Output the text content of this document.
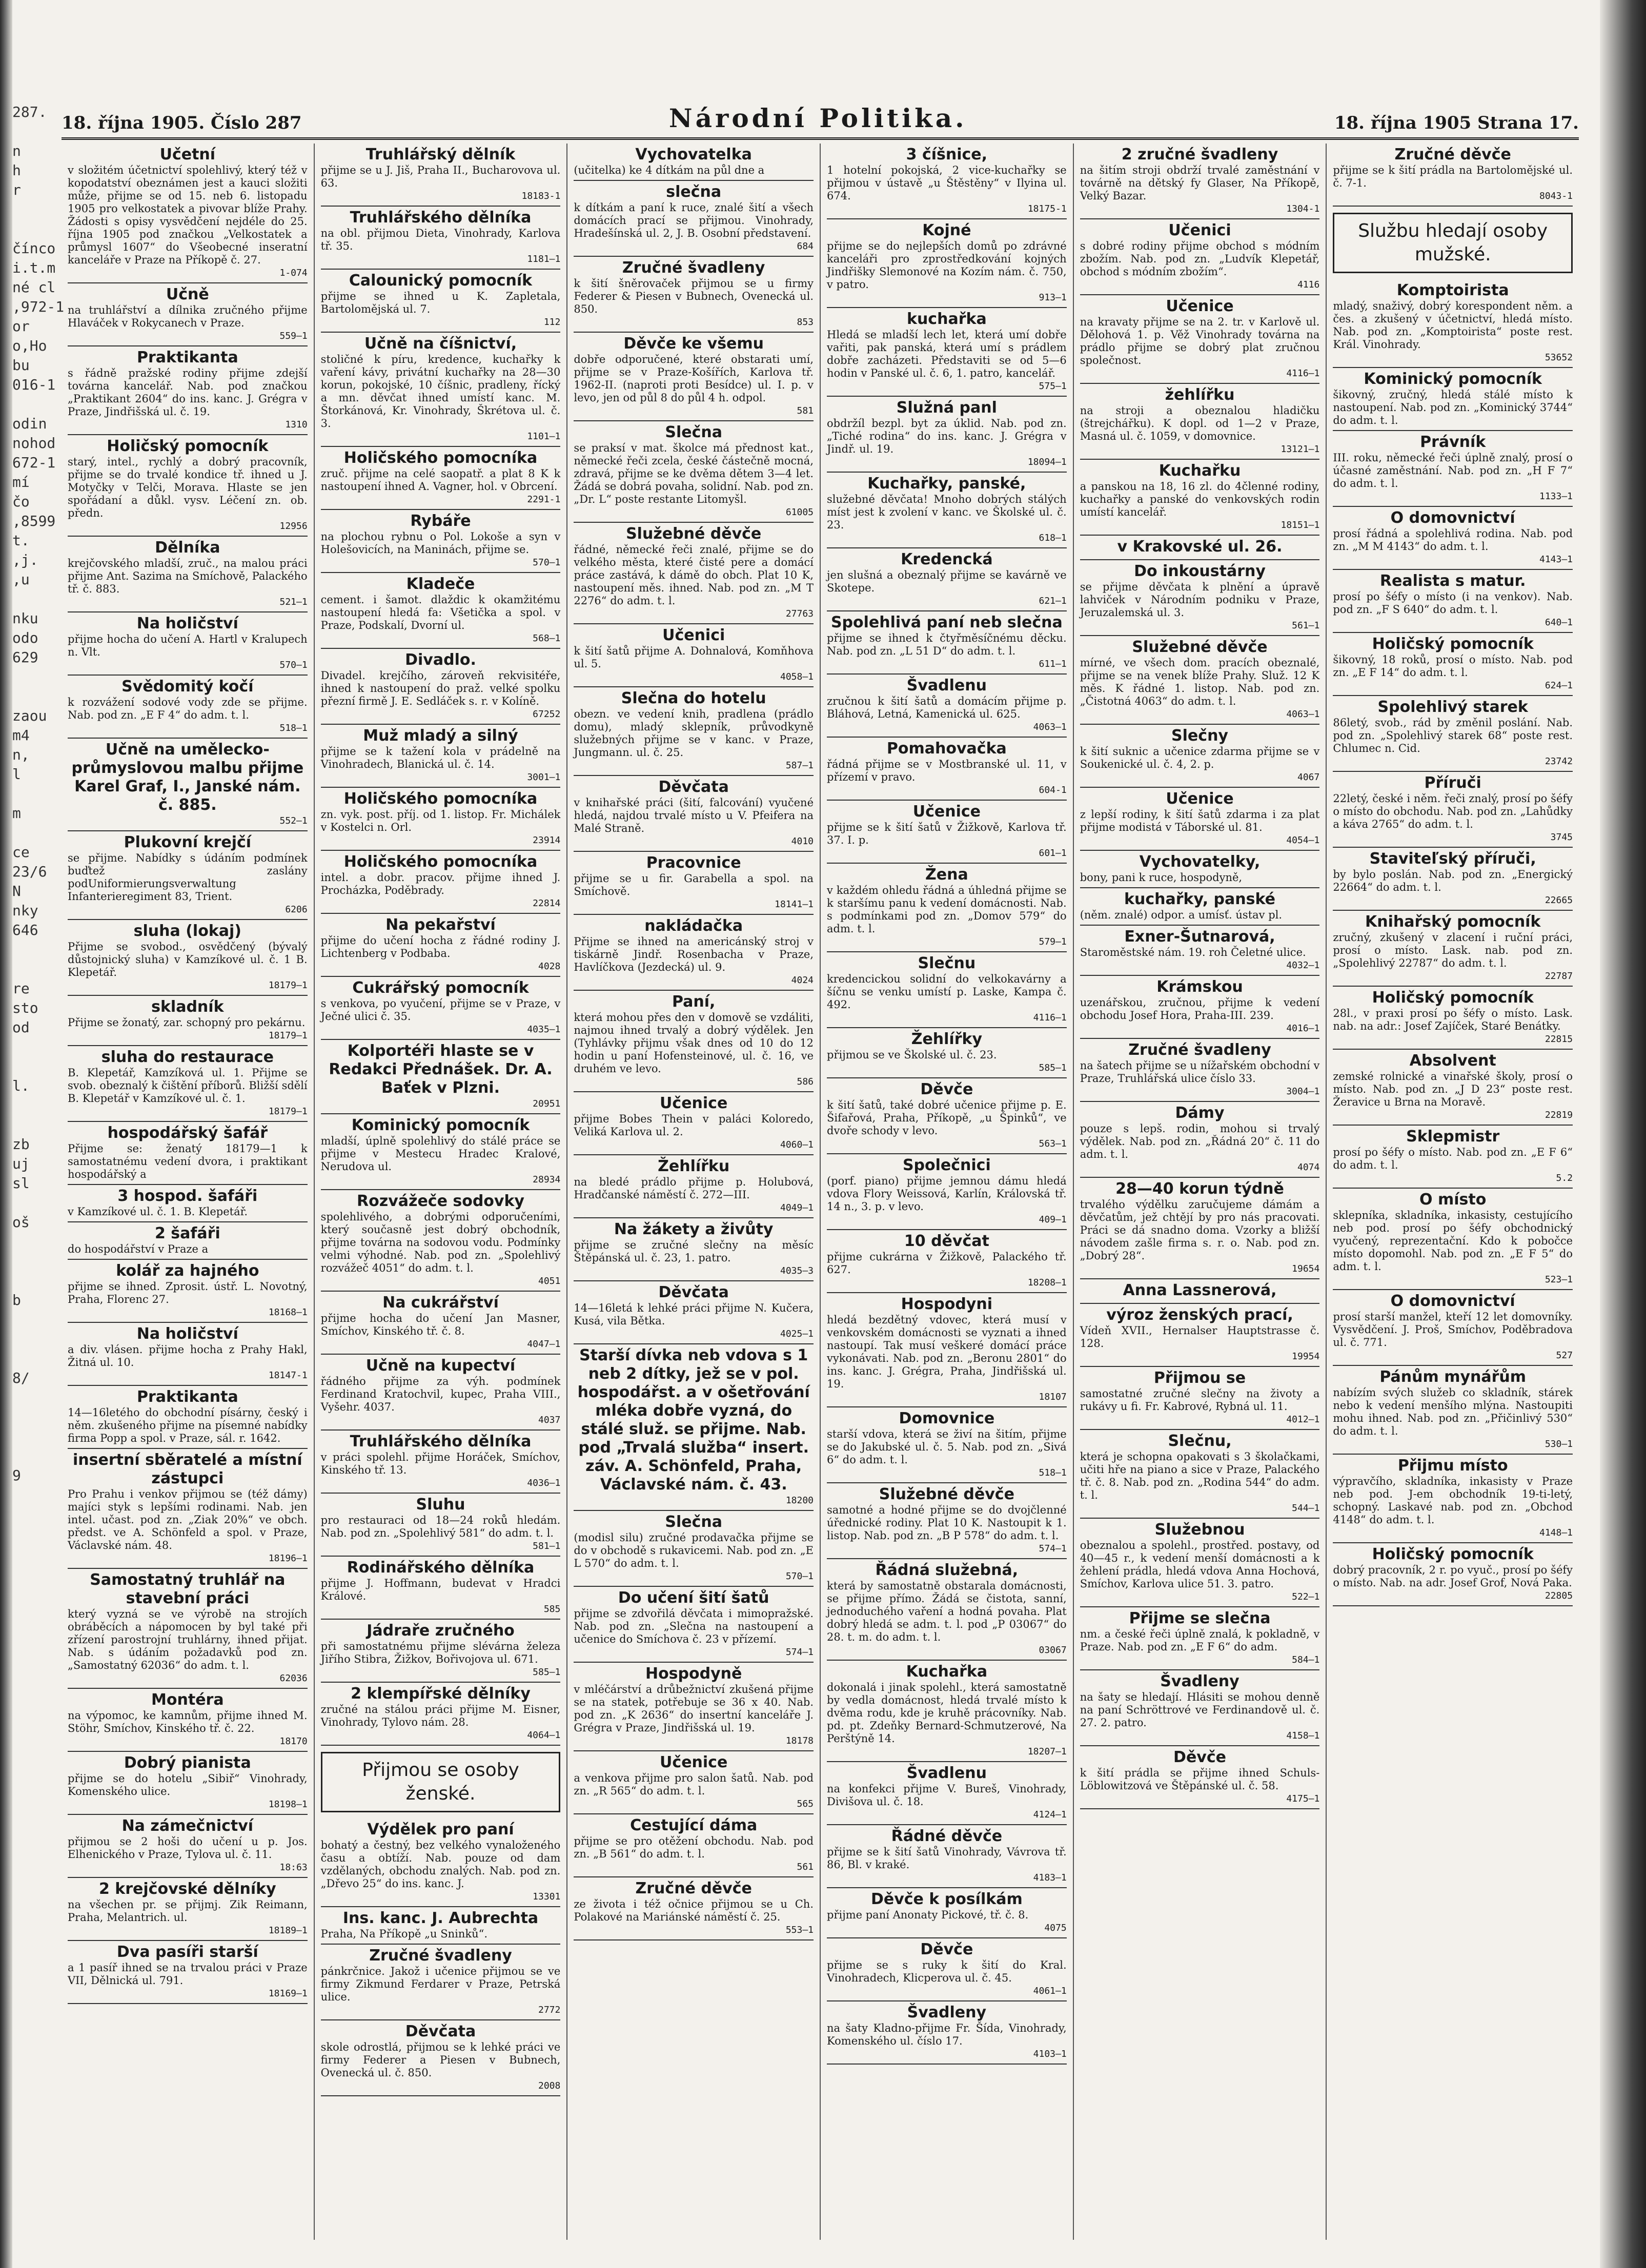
287.

n
h
r

čínco
i.t.m
né cl
,972-1
or
o,Ho
bu
016-1

odin
nohod
672-1
mí
čo
,8599
t.
,j.
,u

nku
odo
629

zaou
m4
n,
l

m

ce
23/6
N
nky
646

re
sto
od

l.

zb
uj
sl

oš

b

8/

9
18. října 1905. Číslo 287	Národní Politika.	18. října 1905 Strana 17.
Učetní
v složitém účetnictví spolehlivý, který též v kopodatství obeznámen jest a kauci složiti může, přijme se od 15. neb 6. listopadu 1905 pro velkostatek a pivovar blíže Prahy. Žádosti s opisy vysvědčení nejdéle do 25. října 1905 pod značkou „Velkostatek a průmysl 1607“ do Všeobecné inseratní kanceláře v Praze na Příkopě č. 27.
1-074
Učně
na truhlářství a dílnika zručného přijme Hlaváček v Rokycanech v Praze.
559—1
Praktikanta
s řádně pražské rodiny přijme zdejší továrna kancelář. Nab. pod značkou „Praktikant 2604“ do ins. kanc. J. Grégra v Praze, Jindřišská ul. č. 19.
1310
Holičský pomocník
starý, intel., rychlý a dobrý pracovník, přijme se do trvalé kondice tř. ihned u J. Motyčky v Telči, Morava. Hlaste se jen spořádaní a důkl. vysv. Léčení zn. ob. předn.
12956
Dělníka
krejčovského mladší, zruč., na malou práci přijme Ant. Sazima na Smíchově, Palackého tř. č. 883.
521—1
Na holičství
přijme hocha do učení A. Hartl v Kralupech n. Vlt.
570—1
Svědomitý kočí
k rozvážení sodové vody zde se přijme. Nab. pod zn. „E F 4“ do adm. t. l.
518—1
Učně na umělecko-průmyslovou malbu přijme Karel Graf, I., Janské nám. č. 885.
552—1
Plukovní krejčí
se přijme. Nabídky s údáním podmínek buďtež zaslány podUniformierungsverwaltung Infanterieregiment 83, Trient.
6206
sluha (lokaj)
Přijme se svobod., osvědčený (bývalý důstojnický sluha) v Kamzíkové ul. č. 1 B. Klepetář.
18179—1
skladník
Přijme se žonatý, zar. schopný pro pekárnu.
18179—1
sluha do restaurace
B. Klepetář, Kamzíková ul. 1. Přijme se svob. obeznalý k čištění příborů. Bližší sdělí B. Klepetář v Kamzíkové ul. č. 1.
18179—1
hospodářský šafář
Přijme se: ženatý 18179—1 k samostatnému vedení dvora, i praktikant hospodářský a
3 hospod. šafáři
v Kamzíkové ul. č. 1. B. Klepetář.
2 šafáři
do hospodářství v Praze a
kolář za hajného
přijme se ihned. Zprosit. ústř. L. Novotný, Praha, Florenc 27.
18168—1
Na holičství
a div. vlásen. přijme hocha z Prahy Hakl, Žitná ul. 10.
18147-1
Praktikanta
14—16letého do obchodní písárny, český i něm. zkušeného přijme na písemné nabídky firma Popp a spol. v Praze, sál. r. 1642.
insertní sběratelé a místní zástupci
Pro Prahu i venkov přijmou se (též dámy) majíci styk s lepšími rodinami. Nab. jen intel. učast. pod zn. „Ziak 20%“ ve obch. předst. ve A. Schönfeld a spol. v Praze, Václavské nám. 48.
18196—1
Samostatný truhlář na stavební práci
který vyzná se ve výrobě na strojích obráběcích a nápomocen by byl také při zřízení parostrojní truhlárny, ihned přijat. Nab. s údáním požadavků pod zn. „Samostatný 62036“ do adm. t. l.
62036
Montéra
na výpomoc, ke kamnům, přijme ihned M. Stöhr, Smíchov, Kinského tř. č. 22.
18170
Dobrý pianista
přijme se do hotelu „Sibiř“ Vinohrady, Komenského ulice.
18198—1
Na zámečnictví
přijmou se 2 hoši do učení u p. Jos. Elhenického v Praze, Tylova ul. č. 11.
18:63
2 krejčovské dělníky
na všechen pr. se přijmj. Zik Reimann, Praha, Melantrich. ul.
18189—1
Dva pasíři starší
a 1 pasíř ihned se na trvalou práci v Praze VII, Dělnická ul. 791.
18169—1
Truhlářský dělník
přijme se u J. Jiš, Praha II., Bucharovova ul. 63.
18183-1
Truhlářského dělníka
na obl. přijmou Dieta, Vinohrady, Karlova tř. 35.
1181—1
Calounický pomocník
přijme se ihned u K. Zapletala, Bartolomějská ul. 7.
112
Učně na číšnictví,
stoličné k píru, kredence, kuchařky k vaření kávy, privátní kuchařky na 28—30 korun, pokojské, 10 číšnic, pradleny, řícký a mn. děvčat ihned umístí kanc. M. Štorkánová, Kr. Vinohrady, Škrétova ul. č. 3.
1101—1
Holičského pomocníka
zruč. přijme na celé saopatř. a plat 8 K k nastoupení ihned A. Vagner, hol. v Obrcení.
2291-1
Rybáře
na plochou rybnu o Pol. Lokoše a syn v Holešovicích, na Maninách, přijme se.
570—1
Kladeče
cement. i šamot. dlaždic k okamžitému nastoupení hledá fa: Všetička a spol. v Praze, Podskalí, Dvorní ul.
568—1
Divadlo.
Divadel. krejčího, zároveň rekvisitéře, ihned k nastoupení do praž. velké spolku přezní firmě J. E. Sedláček s. r. v Kolíně.
67252
Muž mladý a silný
přijme se k tažení kola v prádelně na Vinohradech, Blanická ul. č. 14.
3001—1
Holičského pomocníka
zn. vyk. post. příj. od 1. listop. Fr. Michálek v Kostelci n. Orl.
23914
Holičského pomocníka
intel. a dobr. pracov. přijme ihned J. Procházka, Poděbrady.
22814
Na pekařství
přijme do učení hocha z řádné rodiny J. Lichtenberg v Podbaba.
4028
Cukrářský pomocník
s venkova, po vyučení, přijme se v Praze, v Ječné ulici č. 35.
4035—1
Kolportéři hlaste se v Redakci Přednášek. Dr. A. Baťek v Plzni.
20951
Kominický pomocník
mladší, úplně spolehlivý do stálé práce se přijme v Mestecu Hradec Kralové, Nerudova ul.
28934
Rozvážeče sodovky
spolehlivého, a dobrými odporučeními, který současně jest dobrý obchodník, přijme továrna na sodovou vodu. Podmínky velmi výhodné. Nab. pod zn. „Spolehlivý rozvážeč 4051“ do adm. t. l.
4051
Na cukrářství
přijme hocha do učení Jan Masner, Smíchov, Kinského tř. č. 8.
4047—1
Učně na kupectví
řádného přijme za výh. podmínek Ferdinand Kratochvil, kupec, Praha VIII., Vyšehr. 4037.
4037
Truhlářského dělníka
v práci spolehl. přijme Horáček, Smíchov, Kinského tř. 13.
4036—1
Sluhu
pro restauraci od 18—24 roků hledám. Nab. pod zn. „Spolehlivý 581“ do adm. t. l.
581—1
Rodinářského dělníka
přijme J. Hoffmann, budevat v Hradci Králové.
585
Jádraře zručného
při samostatnému přijme slévárna železa Jiřího Stibra, Žižkov, Bořivojova ul. 671.
585—1
2 klempířské dělníky
zručné na stálou práci přijme M. Eisner, Vinohrady, Tylovo nám. 28.
4064—1
Přijmou se osoby ženské.
Výdělek pro paní
bohatý a čestný, bez velkého vynaloženého času a obtíží. Nab. pouze od dam vzdělaných, obchodu znalých. Nab. pod zn. „Dřevo 25“ do ins. kanc. J.
13301
Ins. kanc. J. Aubrechta
Praha, Na Příkopě „u Sninků“.
Zručné švadleny
pánkrčnice. Jakož i učenice přijmou se ve firmy Zikmund Ferdarer v Praze, Petrská ulice.
2772
Děvčata
skole odrostlá, přijmou se k lehké práci ve firmy Federer a Piesen v Bubnech, Ovenecká ul. č. 850.
2008
Vychovatelka
(učitelka) ke 4 dítkám na půl dne a
slečna
k dítkám a paní k ruce, znalé šití a všech domácích prací se přijmou. Vinohrady, Hradešínská ul. 2, J. B. Osobní představení.
684
Zručné švadleny
k šití šněrovaček přijmou se u firmy Federer & Piesen v Bubnech, Ovenecká ul. 850.
853
Děvče ke všemu
dobře odporučené, které obstarati umí, přijme se v Praze-Košířích, Karlova tř. 1962-II. (naproti proti Besídce) ul. I. p. v levo, jen od půl 8 do půl 4 h. odpol.
581
Slečna
se praksí v mat. školce má přednost kat., německé řeči zcela, české částečně mocná, zdravá, přijme se ke dvěma dětem 3—4 let. Žádá se dobrá povaha, solidní. Nab. pod zn. „Dr. L“ poste restante Litomyšl.
61005
Služebné děvče
řádné, německé řeči znalé, přijme se do velkého města, které čisté pere a domácí práce zastává, k dámě do obch. Plat 10 K, nastoupení měs. ihned. Nab. pod zn. „M T 2276“ do adm. t. l.
27763
Učenici
k šití šatů přijme A. Dohnalová, Komňhova ul. 5.
4058—1
Slečna do hotelu
obezn. ve vedení knih, pradlena (prádlo domu), mladý sklepník, průvodkyně služebných přijme se v kanc. v Praze, Jungmann. ul. č. 25.
587—1
Děvčata
v knihařské práci (šití, falcování) vyučené hledá, najdou trvalé místo u V. Pfeifera na Malé Straně.
4010
Pracovnice
přijme se u fir. Garabella a spol. na Smíchově.
18141—1
nakládačka
Přijme se ihned na americánský stroj v tiskárně Jindř. Rosenbacha v Praze, Havlíčkova (Jezdecká) ul. 9.
4024
Paní,
která mohou přes den v domově se vzdáliti, najmou ihned trvalý a dobrý výdělek. Jen (Tyhlávky přijmu však dnes od 10 do 12 hodin u paní Hofensteinové, ul. č. 16, ve druhém ve levo.
586
Učenice
přijme Bobes Thein v paláci Koloredo, Veliká Karlova ul. 2.
4060—1
Žehlířku
na bledé prádlo přijme p. Holubová, Hradčanské náměstí č. 272—III.
4049—1
Na žákety a živůty
přijme se zručné slečny na měsíc Štěpánská ul. č. 23, 1. patro.
4035—3
Děvčata
14—16letá k lehké práci přijme N. Kučera, Kusá, vila Bětka.
4025—1
Starší dívka neb vdova s 1 neb 2 dítky, jež se v pol. hospodářst. a v ošetřování mléka dobře vyzná, do stálé služ. se přijme. Nab. pod „Trvalá služba“ insert. záv. A. Schönfeld, Praha, Václavské nám. č. 43.
18200
Slečna
(modisl silu) zručné prodavačka přijme se do v obchodě s rukavicemi. Nab. pod zn. „E L 570“ do adm. t. l.
570—1
Do učení šití šatů
přijme se zdvořilá děvčata i mimopražské. Nab. pod zn. „Slečna na nastoupení a učenice do Smíchova č. 23 v přízemí.
574—1
Hospodyně
v mléčárství a drůbežnictví zkušená přijme se na statek, potřebuje se 36 x 40. Nab. pod zn. „K 2636“ do insertní kanceláře J. Grégra v Praze, Jindřišská ul. 19.
18178
Učenice
a venkova přijme pro salon šatů. Nab. pod zn. „R 565“ do adm. t. l.
565
Cestující dáma
přijme se pro otěžení obchodu. Nab. pod zn. „B 561“ do adm. t. l.
561
Zručné děvče
ze života i též očnice přijmou se u Ch. Polakové na Mariánské náměstí č. 25.
553—1
3 číšnice,
1 hotelní pokojská, 2 vice-kuchařky se přijmou v ústavě „u Štěstěny“ v Ilyina ul. 674.
18175-1
Kojné
přijme se do nejlepších domů po zdrávné kanceláři pro zprostředkování kojných Jindřišky Slemonové na Kozím nám. č. 750, v patro.
913—1
kuchařka
Hledá se mladší lech let, která umí dobře vařiti, pak panská, která umí s prádlem dobře zacházeti. Představiti se od 5—6 hodin v Panské ul. č. 6, 1. patro, kancelář.
575—1
Služná panl
obdržíl bezpl. byt za úklid. Nab. pod zn. „Tiché rodina“ do ins. kanc. J. Grégra v Jindř. ul. 19.
18094—1
Kuchařky, panské,
služebné děvčata! Mnoho dobrých stálých míst jest k zvolení v kanc. ve Školské ul. č. 23.
618—1
Kredencká
jen slušná a obeznalý přijme se kavárně ve Skotepe.
621—1
Spolehlivá paní neb slečna
přijme se ihned k čtyřměsíčnému děcku. Nab. pod zn. „L 51 D“ do adm. t. l.
611—1
Švadlenu
zručnou k šití šatů a domácím přijme p. Bláhová, Letná, Kamenická ul. 625.
4063—1
Pomahovačka
řádná přijme se v Mostbranské ul. 11, v přízemí v pravo.
604-1
Učenice
přijme se k šití šatů v Žižkově, Karlova tř. 37. I. p.
601—1
Žena
v každém ohledu řádná a úhledná přijme se k staršímu panu k vedení domácnosti. Nab. s podmínkami pod zn. „Domov 579“ do adm. t. l.
579—1
Slečnu
kredencickou solidní do velkokavárny a šíčnu se venku umístí p. Laske, Kampa č. 492.
4116—1
Žehlířky
přijmou se ve Školské ul. č. 23.
585—1
Děvče
k šití šatů, také dobré učenice přijme p. E. Šifařová, Praha, Příkopě, „u Špinků“, ve dvoře schody v levo.
563—1
Společnici
(porf. piano) přijme jemnou dámu hledá vdova Flory Weissová, Karlín, Královská tř. 14 n., 3. p. v levo.
409—1
10 děvčat
přijme cukrárna v Žižkově, Palackého tř. 627.
18208—1
Hospodyni
hledá bezdětný vdovec, která musí v venkovském domácnosti se vyznati a ihned nastoupí. Tak musí veškeré domácí práce vykonávati. Nab. pod zn. „Beronu 2801“ do ins. kanc. J. Grégra, Praha, Jindřišská ul. 19.
18107
Domovnice
starší vdova, která se živí na šitím, přijme se do Jakubské ul. č. 5. Nab. pod zn. „Sivá 6“ do adm. t. l.
518—1
Služebné děvče
samotné a hodné přijme se do dvojčlenné úřednické rodiny. Plat 10 K. Nastoupit k 1. listop. Nab. pod zn. „B P 578“ do adm. t. l.
574—1
Řádná služebná,
která by samostatně obstarala domácnosti, se přijme přímo. Žádá se čistota, sanní, jednoduchého vaření a hodná povaha. Plat dobrý hledá se adm. t. l. pod „P 03067“ do 28. t. m. do adm. t. l.
03067
Kuchařka
dokonalá i jinak spolehl., která samostatně by vedla domácnost, hledá trvalé místo k dvěma rodu, kde je kruhě prácovníky. Nab. pd. pt. Zdeňky Bernard-Schmutzerové, Na Perštýně 14.
18207—1
Švadlenu
na konfekci přijme V. Bureš, Vinohrady, Divišova ul. č. 18.
4124—1
Řádné děvče
přijme se k šití šatů Vinohrady, Vávrova tř. 86, Bl. v kraké.
4183—1
Děvče k posílkám
přijme paní Anonaty Pickové, tř. č. 8.
4075
Děvče
přijme se s ruky k šití do Kral. Vinohradech, Klicperova ul. č. 45.
4061—1
Švadleny
na šaty Kladno-přijme Fr. Šída, Vinohrady, Komenského ul. číslo 17.
4103—1
2 zručné švadleny
na šitím stroji obdrží trvalé zaměstnání v továrně na dětský fy Glaser, Na Příkopě, Velký Bazar.
1304-1
Učenici
s dobré rodiny přijme obchod s módním zbožím. Nab. pod zn. „Ludvík Klepetář, obchod s módním zbožím“.
4116
Učenice
na kravaty přijme se na 2. tr. v Karlově ul. Dělohová 1. p. Věž Vinohrady továrna na prádlo přijme se dobrý plat zručnou společnost.
4116—1
žehlířku
na stroji a obeznalou hladičku (štrejchářku). K dopl. od 1—2 v Praze, Masná ul. č. 1059, v domovnice.
13121—1
Kuchařku
a panskou na 18, 16 zl. do 4členné rodiny, kuchařky a panské do venkovských rodin umístí kancelář.
18151—1
v Krakovské ul. 26.
Do inkoustárny
se přijme děvčata k plnění a úpravě lahviček v Národním podniku v Praze, Jeruzalemská ul. 3.
561—1
Služebné děvče
mírné, ve všech dom. pracích obeznalé, přijme se na venek blíže Prahy. Služ. 12 K měs. K řádné 1. listop. Nab. pod zn. „Čistotná 4063“ do adm. t. l.
4063—1
Slečny
k šití suknic a učenice zdarma přijme se v Soukenické ul. č. 4, 2. p.
4067
Učenice
z lepší rodiny, k šití šatů zdarma i za plat přijme modistá v Táborské ul. 81.
4054—1
Vychovatelky,
bony, pani k ruce, hospodyně,
kuchařky, panské
(něm. znalé) odpor. a umísť. ústav pl.
Exner-Šutnarová,
Staroměstské nám. 19. roh Čeletné ulice.
4032—1
Krámskou
uzenářskou, zručnou, přijme k vedení obchodu Josef Hora, Praha-III. 239.
4016—1
Zručné švadleny
na šatech přijme se u nížařském obchodní v Praze, Truhlářská ulice číslo 33.
3004—1
Dámy
pouze s lepš. rodin, mohou si trvalý výdělek. Nab. pod zn. „Řádná 20“ č. 11 do adm. t. l.
4074
28—40 korun týdně
trvalého výdělku zaručujeme dámám a děvčatům, jež chtějí by pro nás pracovati. Práci se dá snadno doma. Vzorky a bližší návodem zašle firma s. r. o. Nab. pod zn. „Dobrý 28“.
19654
Anna Lassnerová,
výroz ženských prací,
Vídeň XVII., Hernalser Hauptstrasse č. 128.
19954
Přijmou se
samostatné zručné slečny na životy a rukávy u fi. Fr. Kabrové, Rybná ul. 11.
4012—1
Slečnu,
která je schopna opakovati s 3 školačkami, učiti hře na piano a sice v Praze, Palackého tř. č. 8. Nab. pod zn. „Rodina 544“ do adm. t. l.
544—1
Služebnou
obeznalou a spolehl., prostřed. postavy, od 40—45 r., k vedení menší domácnosti a k žehlení prádla, hledá vdova Anna Hochová, Smíchov, Karlova ulice 51. 3. patro.
522—1
Přijme se slečna
nm. a české řeči úplně znalá, k pokladně, v Praze. Nab. pod zn. „E F 6“ do adm.
584—1
Švadleny
na šaty se hledají. Hlásiti se mohou denně na paní Schröttrové ve Ferdinandově ul. č. 27. 2. patro.
4158—1
Děvče
k šití prádla se přijme ihned Schuls-Löblowitzová ve Štěpánské ul. č. 58.
4175—1
Zručné děvče
přijme se k šití prádla na Bartolomějské ul. č. 7-1.
8043-1
Službu hledají osoby mužské.
Komptoirista
mladý, snaživý, dobrý korespondent něm. a čes. a zkušený v účetnictví, hledá místo. Nab. pod zn. „Komptoirista“ poste rest. Král. Vinohrady.
53652
Kominický pomocník
šikovný, zručný, hledá stálé místo k nastoupení. Nab. pod zn. „Kominický 3744“ do adm. t. l.
Právník
III. roku, německé řeči úplně znalý, prosí o účasné zaměstnání. Nab. pod zn. „H F 7“ do adm. t. l.
1133—1
O domovnictví
prosí řádná a spolehlivá rodina. Nab. pod zn. „M M 4143“ do adm. t. l.
4143—1
Realista s matur.
prosí po šéfy o místo (i na venkov). Nab. pod zn. „F S 640“ do adm. t. l.
640—1
Holičský pomocník
šikovný, 18 roků, prosí o místo. Nab. pod zn. „E F 14“ do adm. t. l.
624—1
Spolehlivý starek
86letý, svob., rád by změnil poslání. Nab. pod zn. „Spolehlivý starek 68“ poste rest. Chlumec n. Cid.
23742
Příruči
22letý, české i něm. řeči znalý, prosí po šéfy o místo do obchodu. Nab. pod zn. „Lahůdky a káva 2765“ do adm. t. l.
3745
Staviteľský příruči,
by bylo poslán. Nab. pod zn. „Energický 22664“ do adm. t. l.
22665
Knihařský pomocník
zručný, zkušený v zlacení i ruční práci, prosí o místo. Lask. nab. pod zn. „Spolehlivý 22787“ do adm. t. l.
22787
Holičský pomocník
28l., v praxi prosí po šéfy o místo. Lask. nab. na adr.: Josef Zajíček, Staré Benátky.
22815
Absolvent
zemské rolnické a vinařské školy, prosí o místo. Nab. pod zn. „J D 23“ poste rest. Žeravice u Brna na Moravě.
22819
Sklepmistr
prosí po šéfy o místo. Nab. pod zn. „E F 6“ do adm. t. l.
5.2
O místo
sklepníka, skladníka, inkasisty, cestujícího neb pod. prosí po šéfy obchodnický vyučený, reprezentační. Kdo k pobočce místo dopomohl. Nab. pod zn. „E F 5“ do adm. t. l.
523—1
O domovnictví
prosí starší manžel, kteří 12 let domovníky. Vysvědčení. J. Proš, Smíchov, Poděbradova ul. č. 771.
527
Pánům mynářům
nabízím svých služeb co skladník, stárek nebo k vedení menšího mlýna. Nastoupiti mohu ihned. Nab. pod zn. „Přičinlivý 530“ do adm. t. l.
530—1
Přijmu místo
výpravčího, skladníka, inkasisty v Praze neb pod. J-em obchodník 19-ti-letý, schopný. Laskavé nab. pod zn. „Obchod 4148“ do adm. t. l.
4148—1
Holičský pomocník
dobrý pracovník, 2 r. po vyuč., prosí po šéfy o místo. Nab. na adr. Josef Grof, Nová Paka.
22805
